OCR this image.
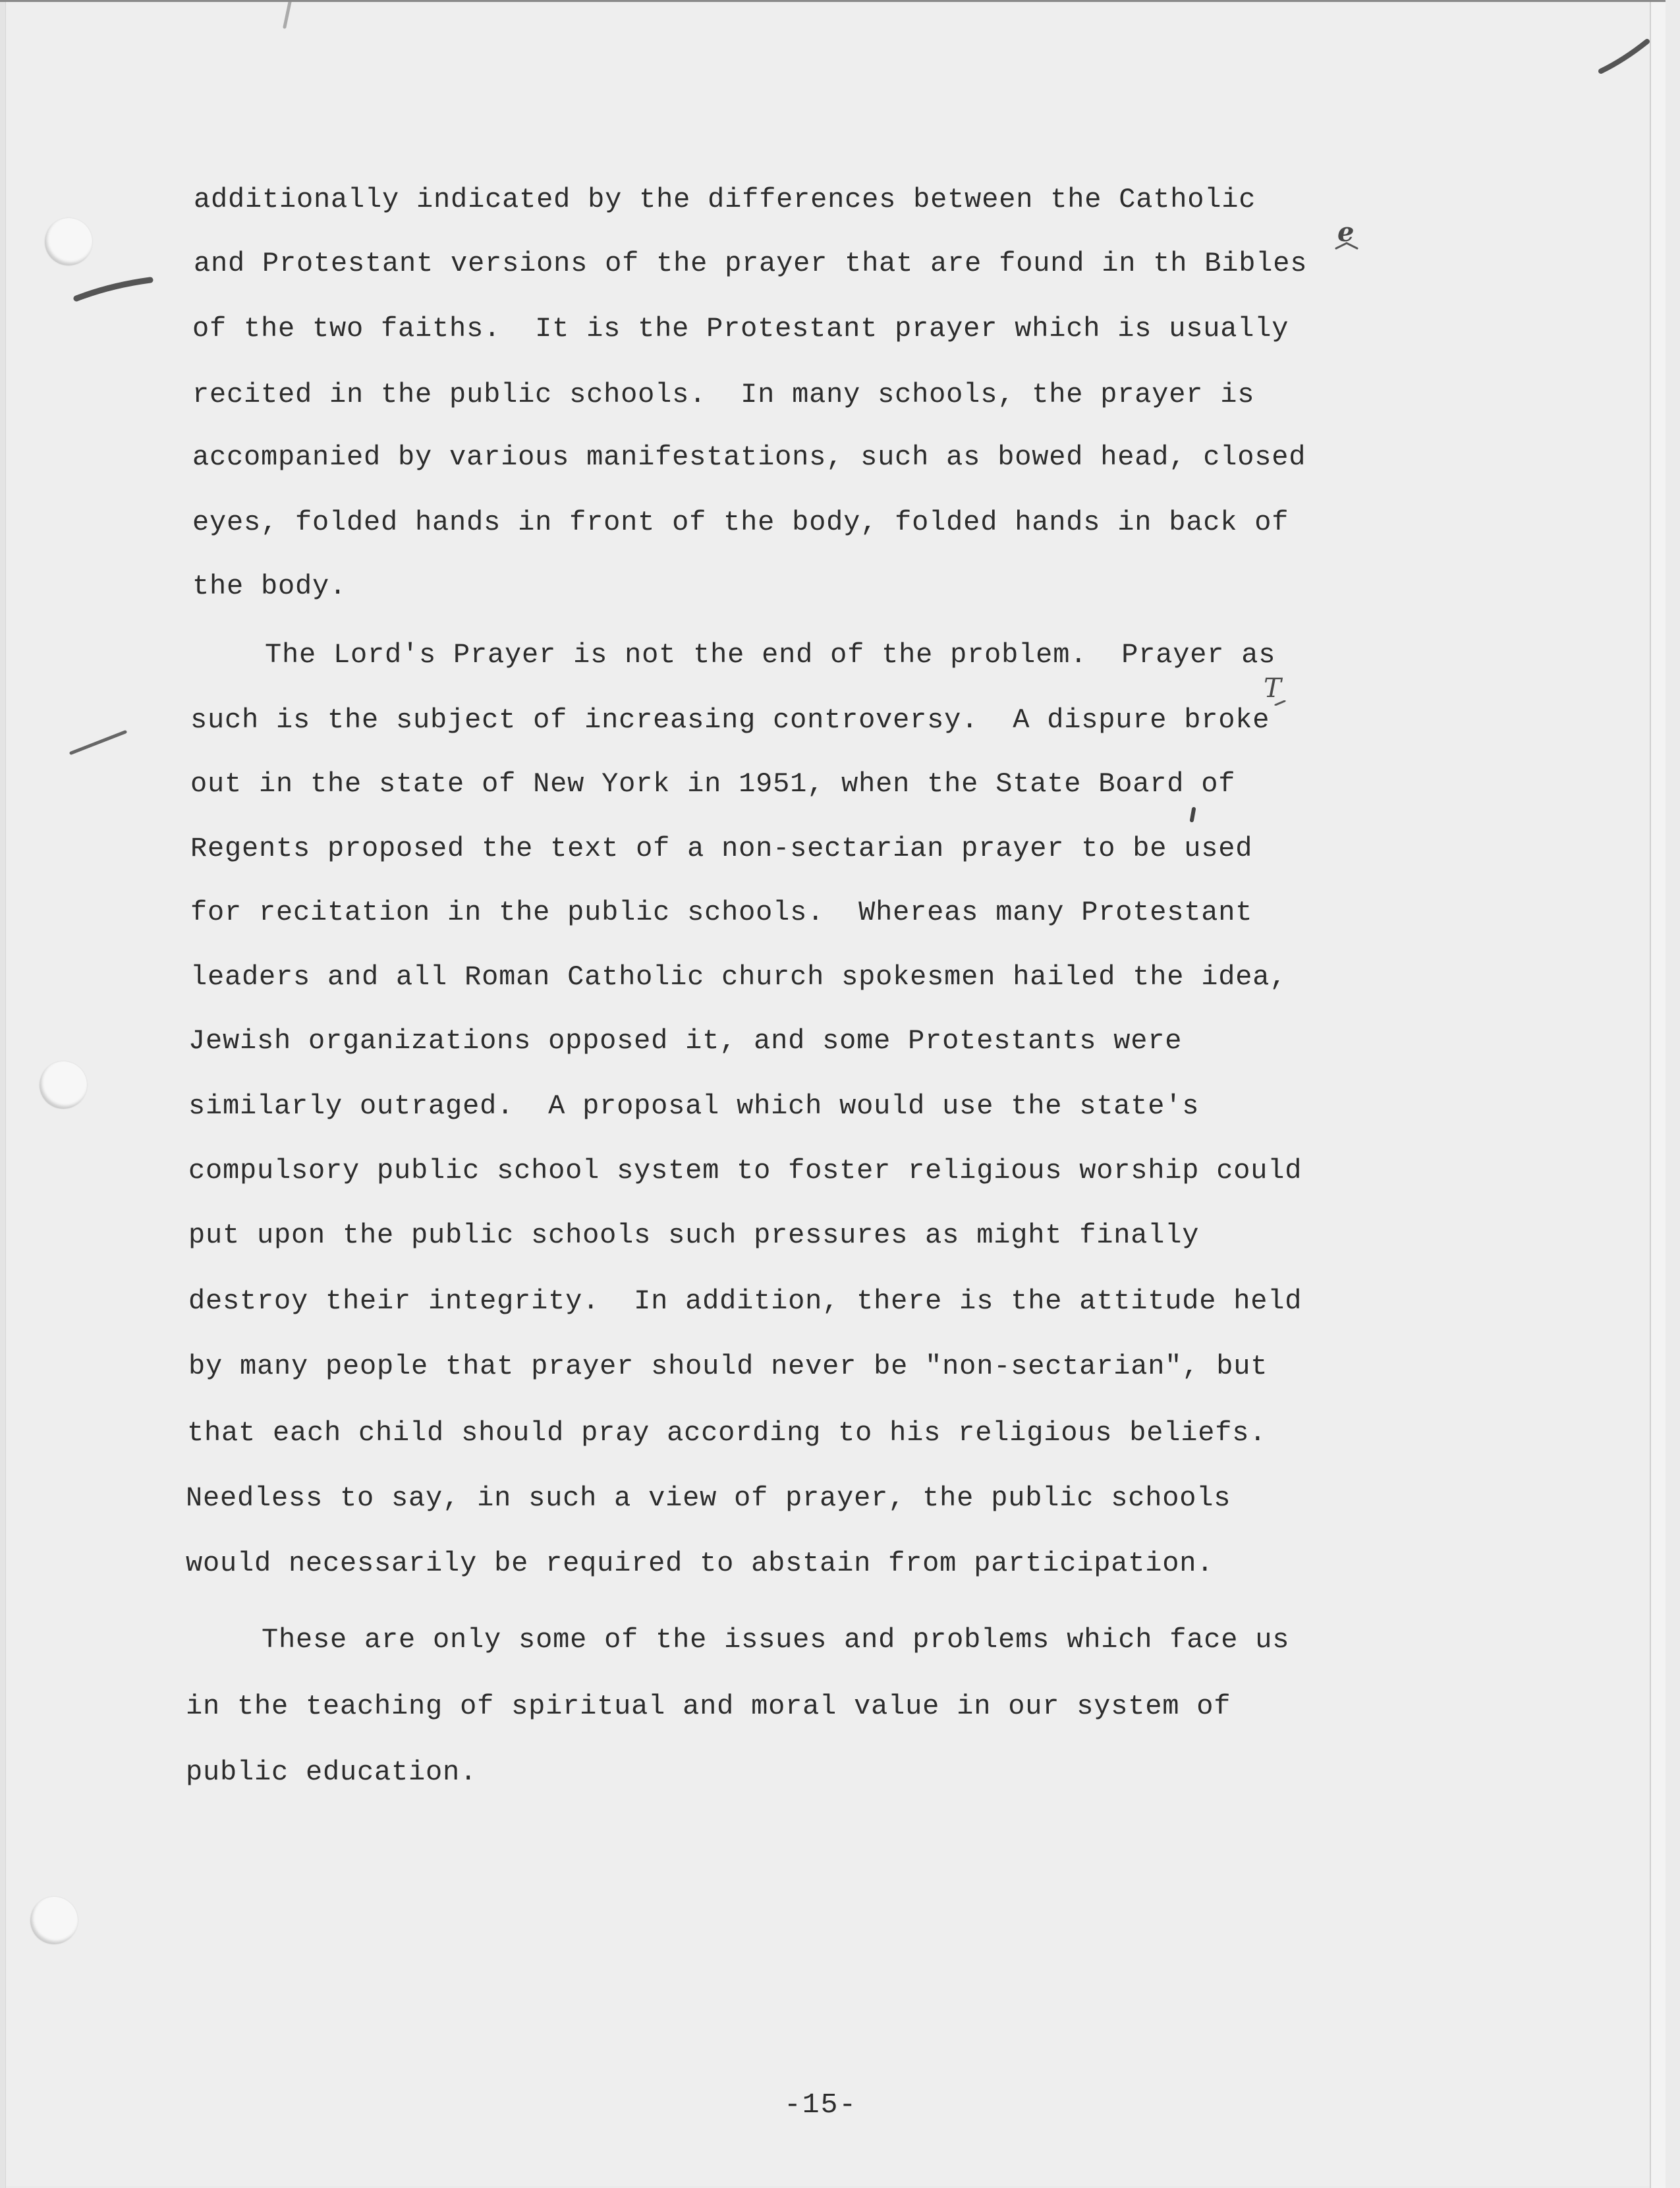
additionally indicated by the differences between the Catholic
and Protestant versions of the prayer that are found in th Bibles
of the two faiths.  It is the Protestant prayer which is usually
recited in the public schools.  In many schools, the prayer is
accompanied by various manifestations, such as bowed head, closed
eyes, folded hands in front of the body, folded hands in back of
the body.
e
The Lord's Prayer is not the end of the problem.  Prayer as
such is the subject of increasing controversy.  A dispure broke
out in the state of New York in 1951, when the State Board of
Regents proposed the text of a non-sectarian prayer to be used
for recitation in the public schools.  Whereas many Protestant
leaders and all Roman Catholic church spokesmen hailed the idea,
Jewish organizations opposed it, and some Protestants were
similarly outraged.  A proposal which would use the state's
compulsory public school system to foster religious worship could
put upon the public schools such pressures as might finally
destroy their integrity.  In addition, there is the attitude held
by many people that prayer should never be "non-sectarian", but
that each child should pray according to his religious beliefs.
Needless to say, in such a view of prayer, the public schools
would necessarily be required to abstain from participation.
T
These are only some of the issues and problems which face us
in the teaching of spiritual and moral value in our system of
public education.
-15-
